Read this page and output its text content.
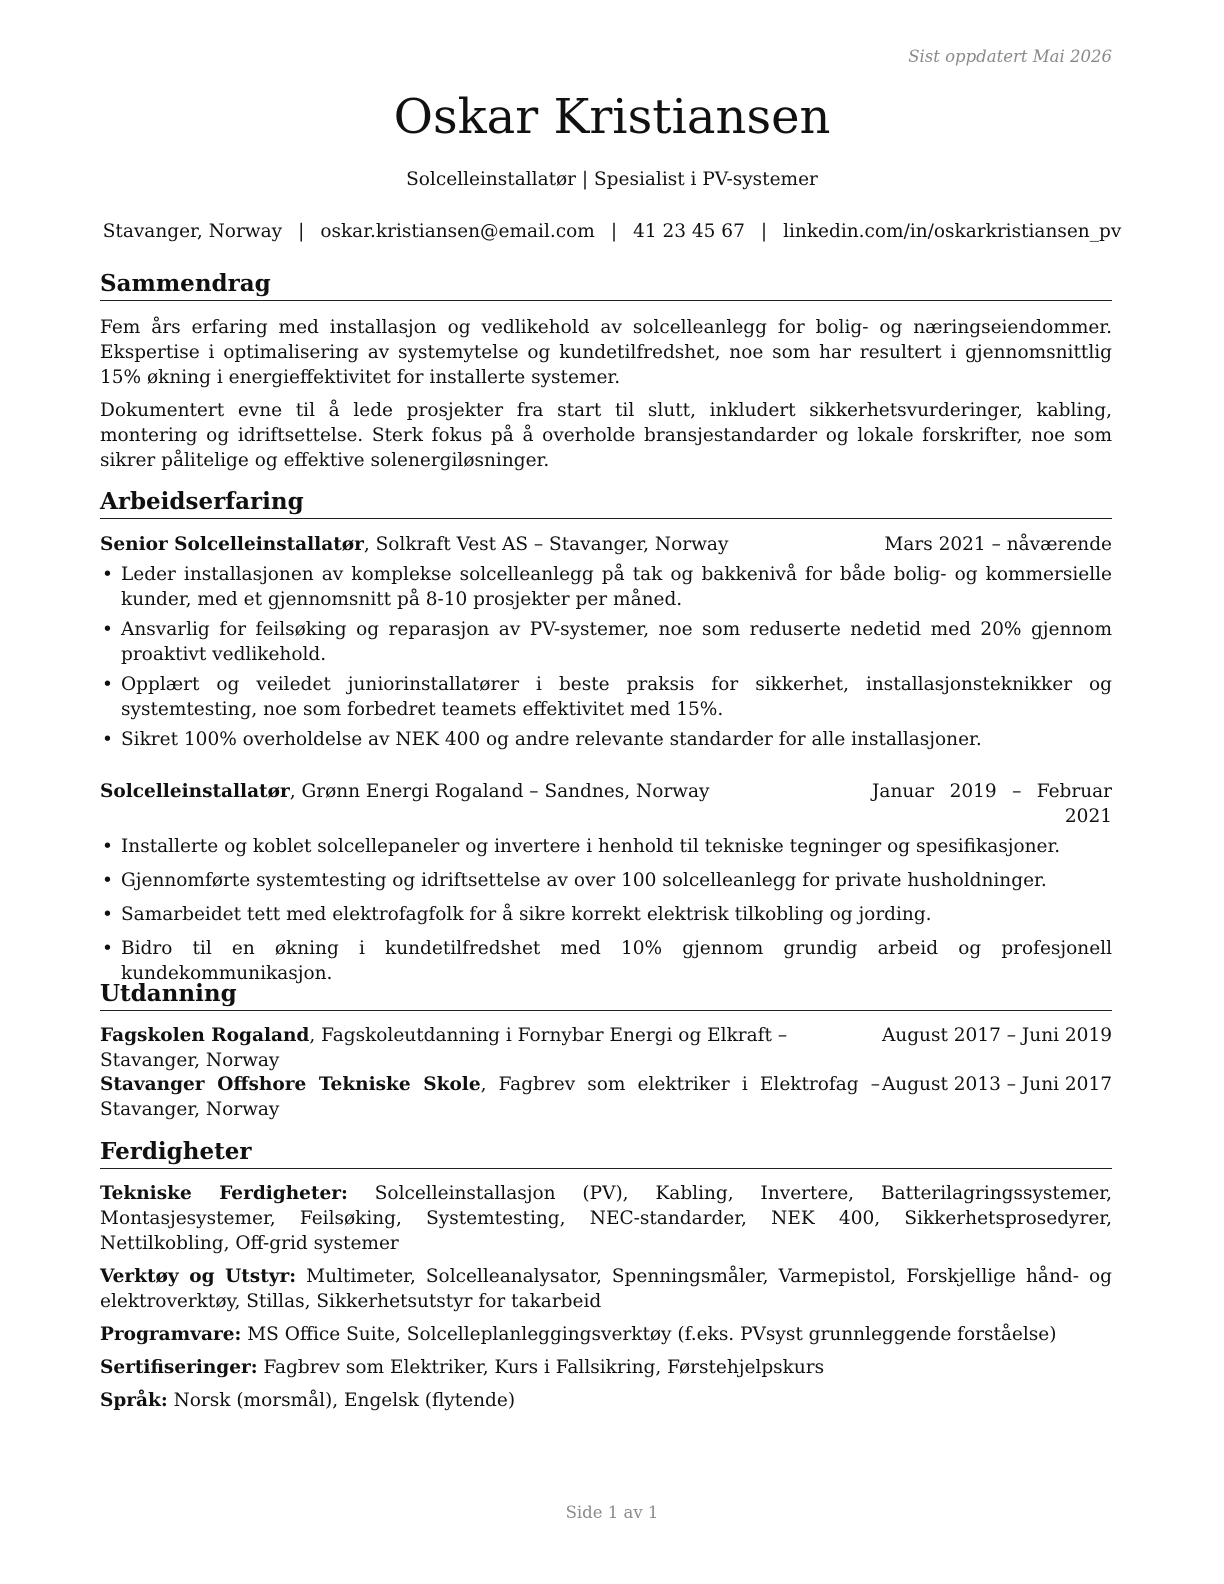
Sist oppdatert Mai 2026
Oskar Kristiansen
Solcelleinstallatør | Spesialist i PV-systemer
Stavanger, Norway | oskar.kristiansen@email.com | 41 23 45 67 | linkedin.com/in/oskarkristiansen_pv
Sammendrag

Fem års erfaring med installasjon og vedlikehold av solcelleanlegg for bolig- og næringseiendommer. Ekspertise i optimalisering av systemytelse og kundetilfredshet, noe som har resultert i gjennomsnittlig 15% økning i energieffektivitet for installerte systemer.

Dokumentert evne til å lede prosjekter fra start til slutt, inkludert sikkerhetsvurderinger, kabling, montering og idriftsettelse. Sterk fokus på å overholde bransjestandarder og lokale forskrifter, noe som sikrer pålitelige og effektive solenergiløsninger.

Arbeidserfaring
Senior Solcelleinstallatør, Solkraft Vest AS – Stavanger, Norway	Mars 2021 – nåværende
• Leder installasjonen av komplekse solcelleanlegg på tak og bakkenivå for både bolig- og kommersielle kunder, med et gjennomsnitt på 8-10 prosjekter per måned.
• Ansvarlig for feilsøking og reparasjon av PV-systemer, noe som reduserte nedetid med 20% gjennom proaktivt vedlikehold.
• Opplært og veiledet juniorinstallatører i beste praksis for sikkerhet, installasjonsteknikker og systemtesting, noe som forbedret teamets effektivitet med 15%.
• Sikret 100% overholdelse av NEK 400 og andre relevante standarder for alle installasjoner.
Solcelleinstallatør, Grønn Energi Rogaland – Sandnes, Norway	Januar 2019 – Februar 2021
• Installerte og koblet solcellepaneler og invertere i henhold til tekniske tegninger og spesifikasjoner.
• Gjennomførte systemtesting og idriftsettelse av over 100 solcelleanlegg for private husholdninger.
• Samarbeidet tett med elektrofagfolk for å sikre korrekt elektrisk tilkobling og jording.
• Bidro til en økning i kundetilfredshet med 10% gjennom grundig arbeid og profesjonell kundekommunikasjon.
Utdanning
Fagskolen Rogaland, Fagskoleutdanning i Fornybar Energi og Elkraft – Stavanger, Norway
August 2017 – Juni 2019
Stavanger Offshore Tekniske Skole, Fagbrev som elektriker i Elektrofag – Stavanger, Norway
August 2013 – Juni 2017
Ferdigheter

Tekniske Ferdigheter: Solcelleinstallasjon (PV), Kabling, Invertere, Batterilagringssystemer, Montasjesystemer, Feilsøking, Systemtesting, NEC-standarder, NEK 400, Sikkerhetsprosedyrer, Nettilkobling, Off-grid systemer

Verktøy og Utstyr: Multimeter, Solcelleanalysator, Spenningsmåler, Varmepistol, Forskjellige hånd- og elektroverktøy, Stillas, Sikkerhetsutstyr for takarbeid

Programvare: MS Office Suite, Solcelleplanleggingsverktøy (f.eks. PVsyst grunnleggende forståelse)

Sertifiseringer: Fagbrev som Elektriker, Kurs i Fallsikring, Førstehjelpskurs

Språk: Norsk (morsmål), Engelsk (flytende)

Side 1 av 1
